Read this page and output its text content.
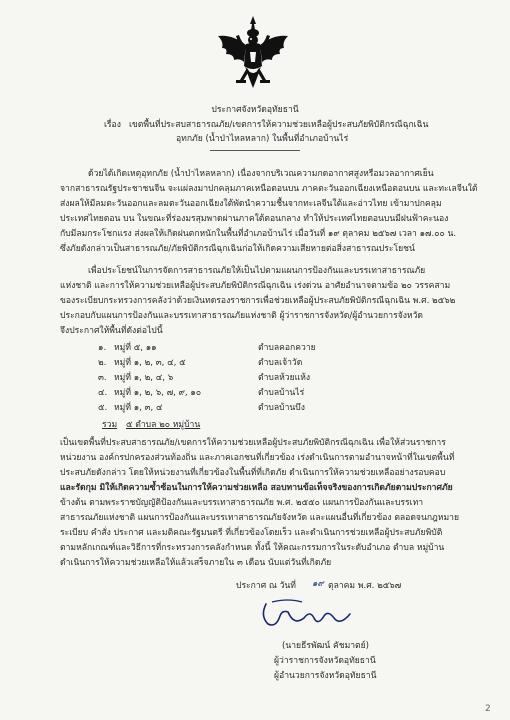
ประกาศจังหวัดอุทัยธานี
เรื่อง เขตพื้นที่ประสบสาธารณภัย/เขตการให้ความช่วยเหลือผู้ประสบภัยพิบัติกรณีฉุกเฉิน
อุทกภัย (น้ำป่าไหลหลาก) ในพื้นที่อำเภอบ้านไร่
ด้วยได้เกิดเหตุอุทกภัย (น้ำป่าไหลหลาก) เนื่องจากบริเวณความกดอากาศสูงหรือมวลอากาศเย็น
จากสาธารณรัฐประชาชนจีน จะแผ่ลงมาปกคลุมภาคเหนือตอนบน ภาคตะวันออกเฉียงเหนือตอนบน และทะเลจีนใต้
ส่งผลให้มีลมตะวันออกและลมตะวันออกเฉียงใต้พัดนำความชื้นจากทะเลจีนใต้และอ่าวไทย เข้ามาปกคลุม
ประเทศไทยตอน บน ในขณะที่ร่องมรสุมพาดผ่านภาคใต้ตอนกลาง ทำให้ประเทศไทยตอนบนมีฝนฟ้าคะนอง
กับมีลมกระโชกแรง ส่งผลให้เกิดฝนตกหนักในพื้นที่อำเภอบ้านไร่ เมื่อวันที่ ๑๙ ตุลาคม ๒๕๖๗ เวลา ๑๗.๐๐ น.
ซึ่งภัยดังกล่าวเป็นสาธารณภัย/ภัยพิบัติกรณีฉุกเฉินก่อให้เกิดความเสียหายต่อสิ่งสาธารณประโยชน์
เพื่อประโยชน์ในการจัดการสาธารณภัยให้เป็นไปตามแผนการป้องกันและบรรเทาสาธารณภัย
แห่งชาติ และการให้ความช่วยเหลือผู้ประสบภัยพิบัติกรณีฉุกเฉิน เร่งด่วน อาศัยอำนาจตามข้อ ๒๐ วรรคสาม
ของระเบียบกระทรวงการคลังว่าด้วยเงินทดรองราชการเพื่อช่วยเหลือผู้ประสบภัยพิบัติกรณีฉุกเฉิน พ.ศ. ๒๕๖๒
ประกอบกับแผนการป้องกันและบรรเทาสาธารณภัยแห่งชาติ ผู้ว่าราชการจังหวัด/ผู้อำนวยการจังหวัด
จึงประกาศให้พื้นที่ดังต่อไปนี้
๑. หมู่ที่ ๕, ๑๑	ตำบลคอกควาย
๒. หมู่ที่ ๑, ๒, ๓, ๔, ๕	ตำบลเจ้าวัด
๓. หมู่ที่ ๑, ๒, ๔, ๖	ตำบลห้วยแห้ง
๔. หมู่ที่ ๑, ๒, ๖, ๗, ๙, ๑๐	ตำบลบ้านไร่
๕. หมู่ที่ ๑, ๓, ๔	ตำบลบ้านบึง
รวม ๕ ตำบล ๒๐ หมู่บ้าน
เป็นเขตพื้นที่ประสบสาธารณภัย/เขตการให้ความช่วยเหลือผู้ประสบภัยพิบัติกรณีฉุกเฉิน เพื่อให้ส่วนราชการ
หน่วยงาน องค์กรปกครองส่วนท้องถิ่น และภาคเอกชนที่เกี่ยวข้อง เร่งดำเนินการตามอำนาจหน้าที่ในเขตพื้นที่
ประสบภัยดังกล่าว โดยให้หน่วยงานที่เกี่ยวข้องในพื้นที่ที่เกิดภัย ดำเนินการให้ความช่วยเหลืออย่างรอบคอบ
และรัดกุม มิให้เกิดความซ้ำซ้อนในการให้ความช่วยเหลือ สอบทานข้อเท็จจริงของการเกิดภัยตามประกาศภัย
ข้างต้น ตามพระราชบัญญัติป้องกันและบรรเทาสาธารณภัย พ.ศ. ๒๕๕๐ แผนการป้องกันและบรรเทา
สาธารณภัยแห่งชาติ แผนการป้องกันและบรรเทาสาธารณภัยจังหวัด และแผนอื่นที่เกี่ยวข้อง ตลอดจนกฎหมาย
ระเบียบ คำสั่ง ประกาศ และมติคณะรัฐมนตรี ที่เกี่ยวข้องโดยเร็ว และดำเนินการช่วยเหลือผู้ประสบภัยพิบัติ
ตามหลักเกณฑ์และวิธีการที่กระทรวงการคลังกำหนด ทั้งนี้ ให้คณะกรรมการในระดับอำเภอ ตำบล หมู่บ้าน
ดำเนินการให้ความช่วยเหลือให้แล้วเสร็จภายใน ๓ เดือน นับแต่วันที่เกิดภัย
ประกาศ ณ วันที่ ๑๙ ตุลาคม พ.ศ. ๒๕๖๗
(นายธีรพัฒน์ คัชมาตย์)
ผู้ว่าราชการจังหวัดอุทัยธานี
ผู้อำนวยการจังหวัดอุทัยธานี
2
